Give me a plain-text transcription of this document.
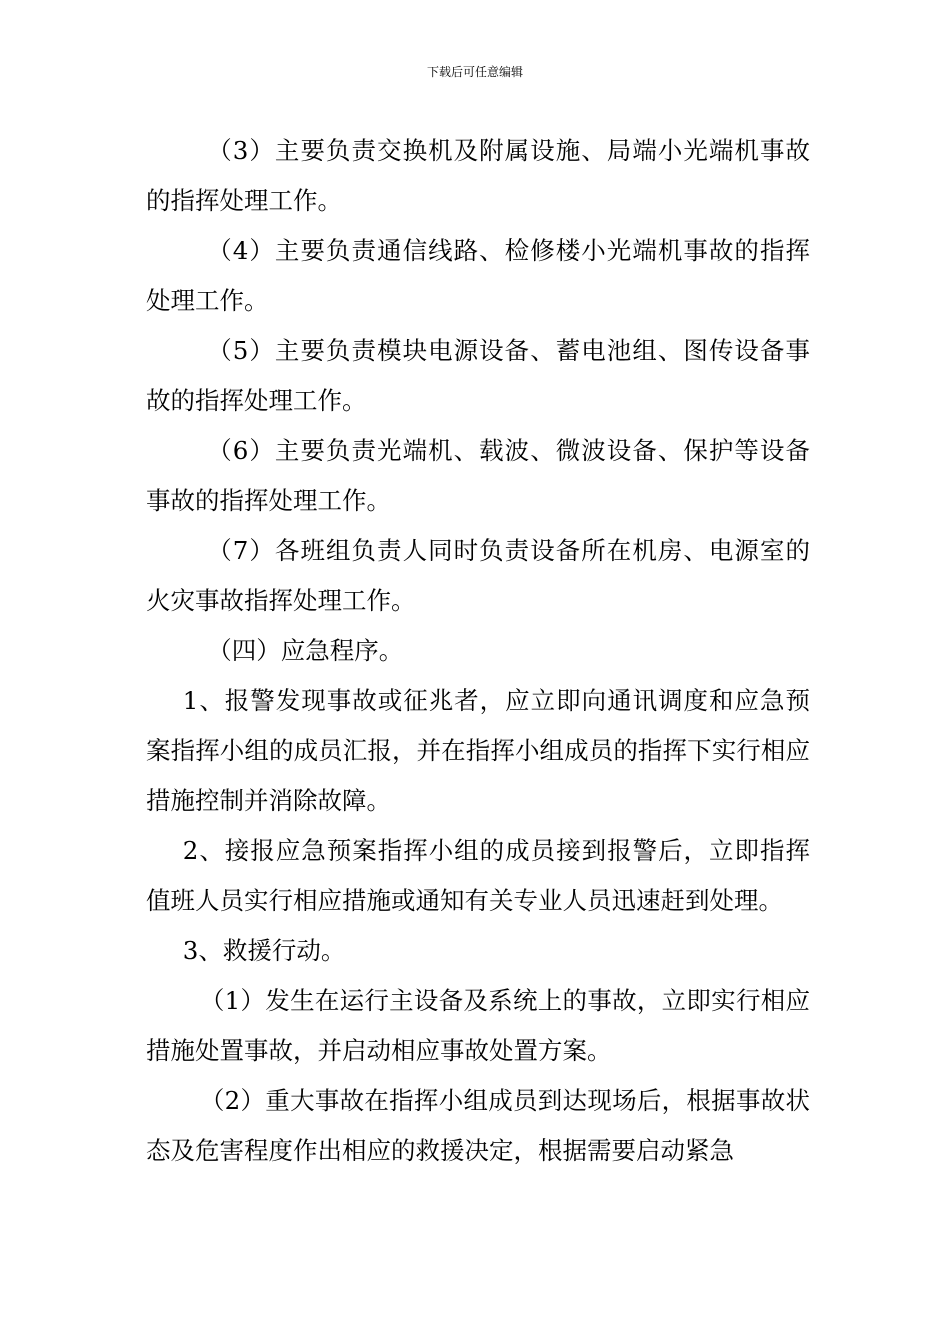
下载后可任意编辑

（3）主要负责交换机及附属设施、局端小光端机事故的指挥处理工作。

（4）主要负责通信线路、检修楼小光端机事故的指挥处理工作。

（5）主要负责模块电源设备、蓄电池组、图传设备事故的指挥处理工作。

（6）主要负责光端机、载波、微波设备、保护等设备事故的指挥处理工作。

（7）各班组负责人同时负责设备所在机房、电源室的火灾事故指挥处理工作。

（四）应急程序。

1、报警发现事故或征兆者，应立即向通讯调度和应急预案指挥小组的成员汇报，并在指挥小组成员的指挥下实行相应措施控制并消除故障。

2、接报应急预案指挥小组的成员接到报警后，立即指挥值班人员实行相应措施或通知有关专业人员迅速赶到处理。

3、救援行动。

（1）发生在运行主设备及系统上的事故，立即实行相应措施处置事故，并启动相应事故处置方案。

（2）重大事故在指挥小组成员到达现场后，根据事故状态及危害程度作出相应的救援决定，根据需要启动紧急
